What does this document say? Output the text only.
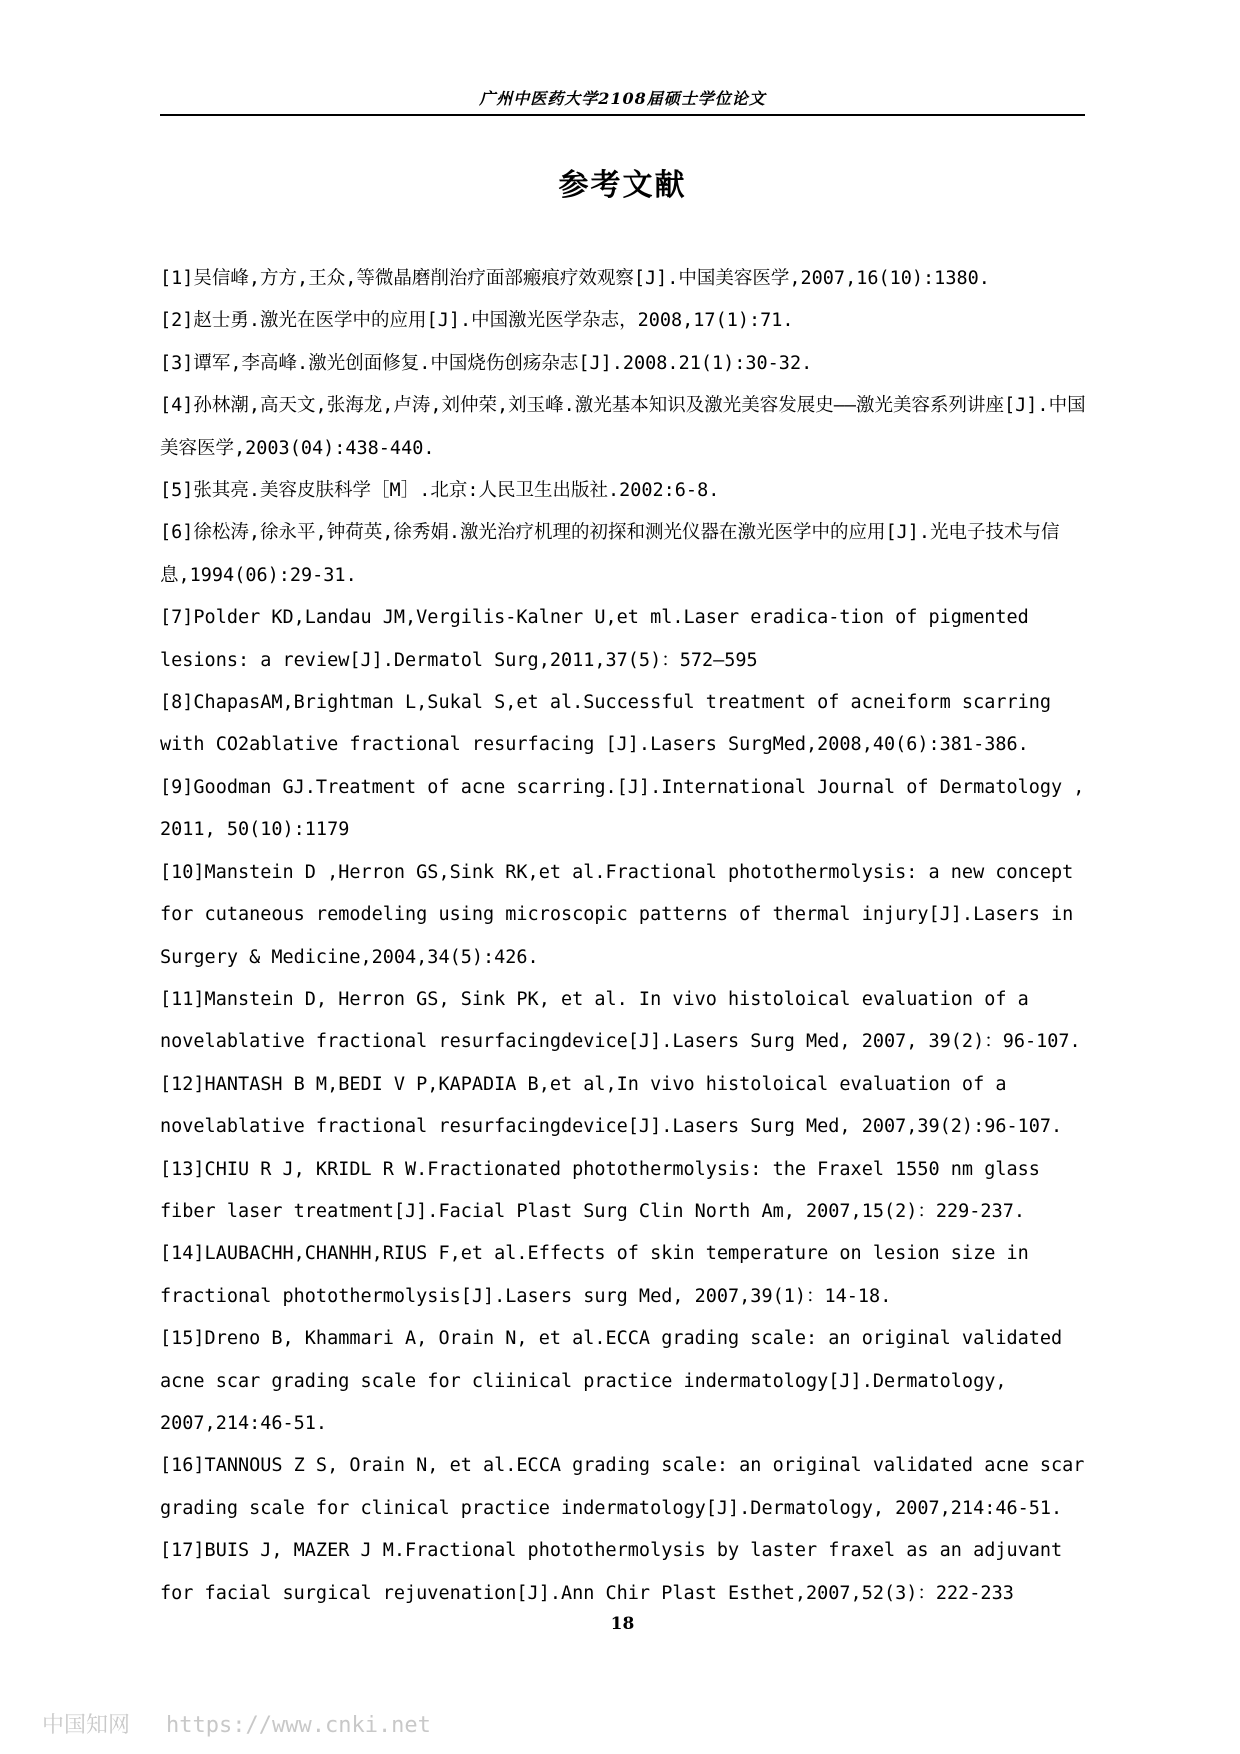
广州中医药大学2108届硕士学位论文
参考文献

[1]吴信峰,方方,王众,等微晶磨削治疗面部瘢痕疗效观察[J].中国美容医学,2007,16(10):1380.

[2]赵士勇.激光在医学中的应用[J].中国激光医学杂志，2008,17(1):71.

[3]谭军,李高峰.激光创面修复.中国烧伤创疡杂志[J].2008.21(1):30-32.

[4]孙林潮,高天文,张海龙,卢涛,刘仲荣,刘玉峰.激光基本知识及激光美容发展史——激光美容系列讲座[J].中国美容医学,2003(04):438-440.

[5]张其亮.美容皮肤科学［M］.北京:人民卫生出版社.2002:6-8.

[6]徐松涛,徐永平,钟荷英,徐秀娟.激光治疗机理的初探和测光仪器在激光医学中的应用[J].光电子技术与信息,1994(06):29-31.

[7]Polder KD,Landau JM,Vergilis-Kalner U,et ml.Laser eradica-tion of pigmented lesions: a review[J].Dermatol Surg,2011,37(5)：572—595

[8]ChapasAM,Brightman L,Sukal S,et al.Successful treatment of acneiform scarring with CO2ablative fractional resurfacing [J].Lasers SurgMed,2008,40(6):381-386.

[9]Goodman GJ.Treatment of acne scarring.[J].International Journal of Dermatology , 2011, 50(10):1179

[10]Manstein D ,Herron GS,Sink RK,et al.Fractional photothermolysis: a new concept for cutaneous remodeling using microscopic patterns of thermal injury[J].Lasers in Surgery & Medicine,2004,34(5):426.

[11]Manstein D, Herron GS, Sink PK, et al. In vivo histoloical evaluation of a novelablative fractional resurfacingdevice[J].Lasers Surg Med, 2007, 39(2)：96-107.

[12]HANTASH B M,BEDI V P,KAPADIA B,et al,In vivo histoloical evaluation of a novelablative fractional resurfacingdevice[J].Lasers Surg Med, 2007,39(2):96-107.

[13]CHIU R J, KRIDL R W.Fractionated photothermolysis: the Fraxel 1550 nm glass fiber laser treatment[J].Facial Plast Surg Clin North Am, 2007,15(2)：229-237.

[14]LAUBACHH,CHANHH,RIUS F,et al.Effects of skin temperature on lesion size in fractional photothermolysis[J].Lasers surg Med, 2007,39(1)：14-18.

[15]Dreno B, Khammari A, Orain N, et al.ECCA grading scale: an original validated acne scar grading scale for cliinical practice indermatology[J].Dermatology, 2007,214:46-51.

[16]TANNOUS Z S, Orain N, et al.ECCA grading scale: an original validated acne scar grading scale for clinical practice indermatology[J].Dermatology, 2007,214:46-51.

[17]BUIS J, MAZER J M.Fractional photothermolysis by laster fraxel as an adjuvant for facial surgical rejuvenation[J].Ann Chir Plast Esthet,2007,52(3)：222-233

18
中国知网 https://www.cnki.net
